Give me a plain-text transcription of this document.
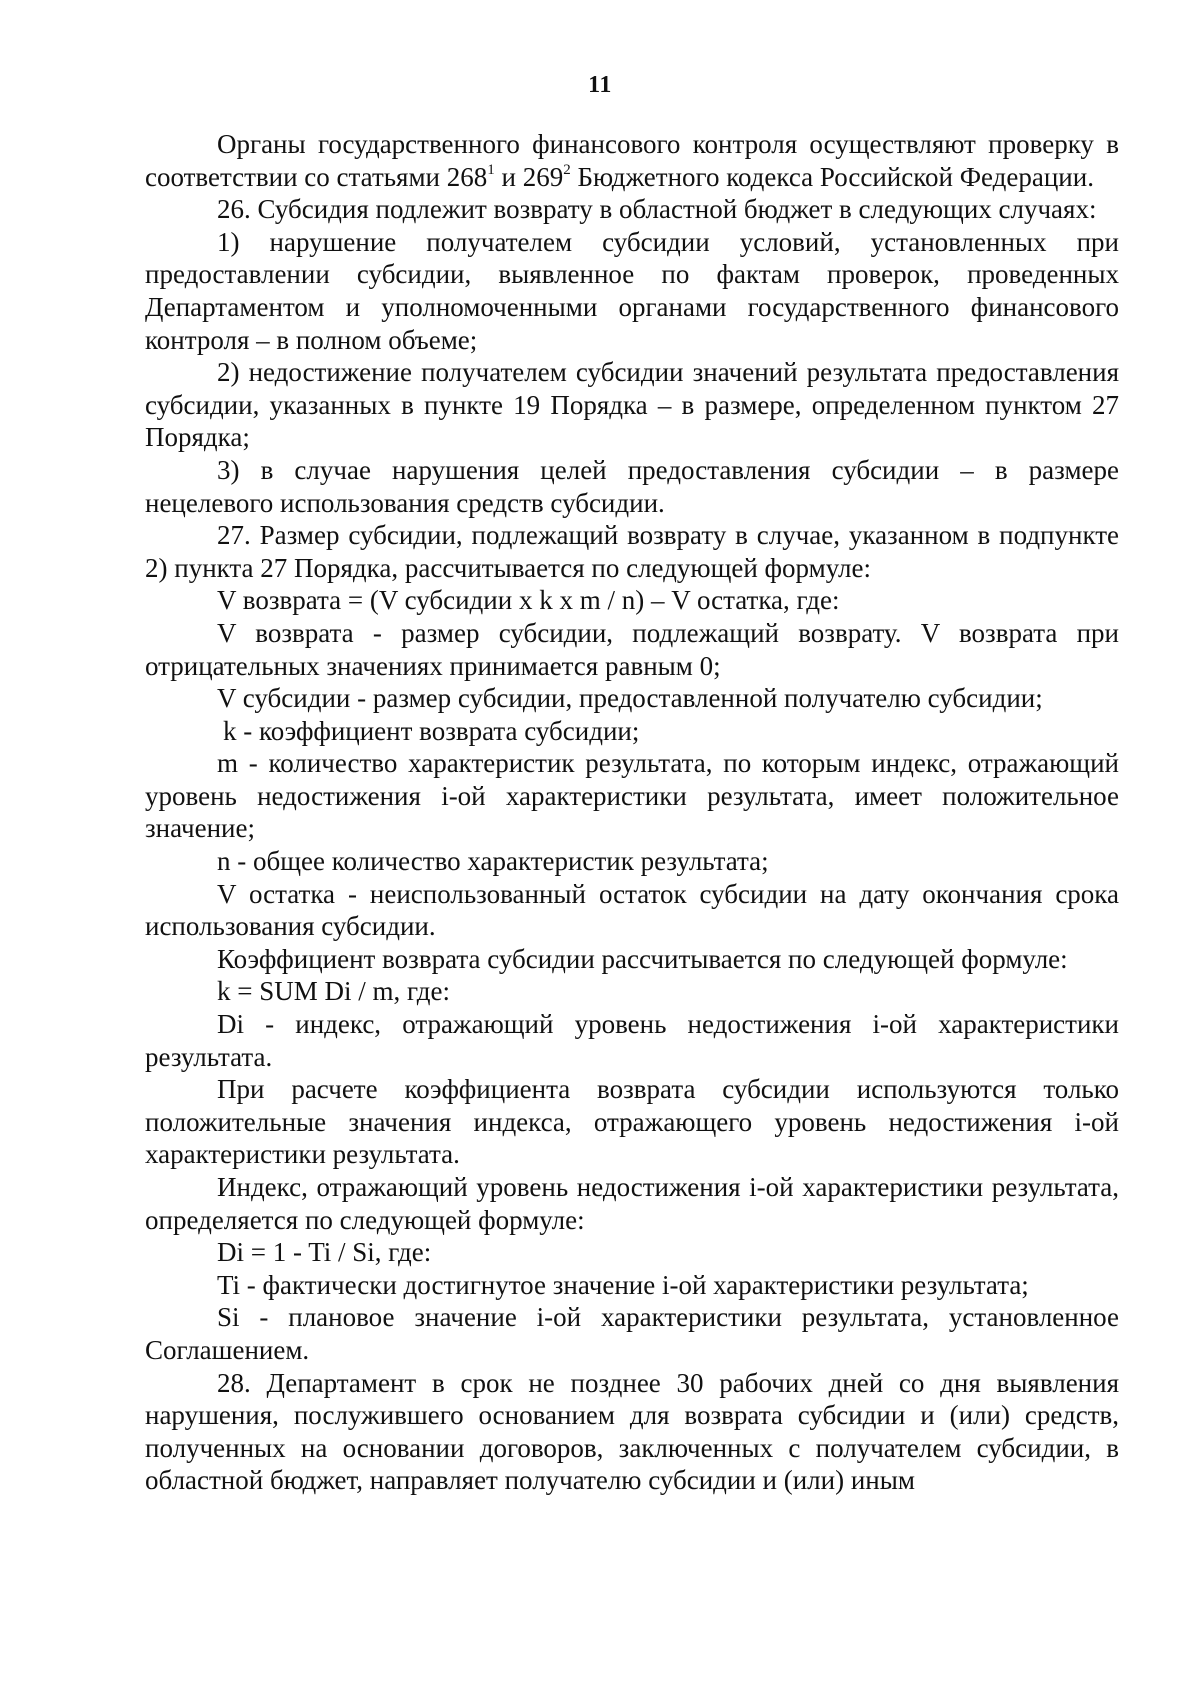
11

Органы государственного финансового контроля осуществляют проверку в соответствии со статьями $268^1$ и $269^2$ Бюджетного кодекса Российской Федерации.

26. Субсидия подлежит возврату в областной бюджет в следующих случаях:

1) нарушение получателем субсидии условий, установленных при предоставлении субсидии, выявленное по фактам проверок, проведенных Департаментом и уполномоченными органами государственного финансового контроля – в полном объеме;

2) недостижение получателем субсидии значений результата предоставления субсидии, указанных в пункте 19 Порядка – в размере, определенном пунктом 27 Порядка;

3) в случае нарушения целей предоставления субсидии – в размере нецелевого использования средств субсидии.

27. Размер субсидии, подлежащий возврату в случае, указанном в подпункте 2) пункта 27 Порядка, рассчитывается по следующей формуле:

V возврата = (V субсидии x k x m / n) – V остатка, где:

V возврата - размер субсидии, подлежащий возврату. V возврата при отрицательных значениях принимается равным 0;

V субсидии - размер субсидии, предоставленной получателю субсидии;

k - коэффициент возврата субсидии;

m - количество характеристик результата, по которым индекс, отражающий уровень недостижения i-ой характеристики результата, имеет положительное значение;

n - общее количество характеристик результата;

V остатка - неиспользованный остаток субсидии на дату окончания срока использования субсидии.

Коэффициент возврата субсидии рассчитывается по следующей формуле:

k = SUM Di / m, где:

Di - индекс, отражающий уровень недостижения i-ой характеристики результата.

При расчете коэффициента возврата субсидии используются только положительные значения индекса, отражающего уровень недостижения i-ой характеристики результата.

Индекс, отражающий уровень недостижения i-ой характеристики результата, определяется по следующей формуле:

Di = 1 - Ti / Si, где:

Ti - фактически достигнутое значение i-ой характеристики результата;

Si - плановое значение i-ой характеристики результата, установленное Соглашением.

28. Департамент в срок не позднее 30 рабочих дней со дня выявления нарушения, послужившего основанием для возврата субсидии и (или) средств, полученных на основании договоров, заключенных с получателем субсидии, в областной бюджет, направляет получателю субсидии и (или) иным
